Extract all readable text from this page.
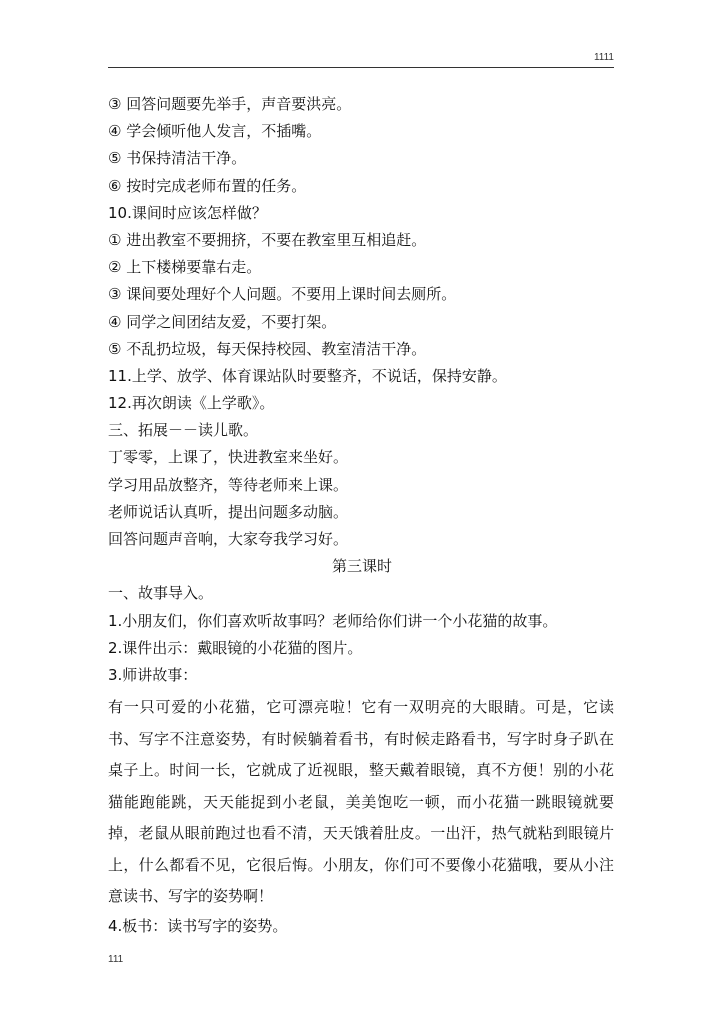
1111
③ 回答问题要先举手，声音要洪亮。
④ 学会倾听他人发言，不插嘴。
⑤ 书保持清洁干净。
⑥ 按时完成老师布置的任务。
10.课间时应该怎样做？
① 进出教室不要拥挤，不要在教室里互相追赶。
② 上下楼梯要靠右走。
③ 课间要处理好个人问题。不要用上课时间去厕所。
④ 同学之间团结友爱，不要打架。
⑤ 不乱扔垃圾，每天保持校园、教室清洁干净。
11.上学、放学、体育课站队时要整齐，不说话，保持安静。
12.再次朗读《上学歌》。
三、拓展－－读儿歌。
丁零零，上课了，快进教室来坐好。
学习用品放整齐，等待老师来上课。
老师说话认真听，提出问题多动脑。
回答问题声音响，大家夸我学习好。
第三课时
一、故事导入。
1.小朋友们，你们喜欢听故事吗？老师给你们讲一个小花猫的故事。
2.课件出示：戴眼镜的小花猫的图片。
3.师讲故事：
有一只可爱的小花猫，它可漂亮啦！它有一双明亮的大眼睛。可是，它读书、写字不注意姿势，有时候躺着看书，有时候走路看书，写字时身子趴在桌子上。时间一长，它就成了近视眼，整天戴着眼镜，真不方便！别的小花猫能跑能跳，天天能捉到小老鼠，美美饱吃一顿，而小花猫一跳眼镜就要掉，老鼠从眼前跑过也看不清，天天饿着肚皮。一出汗，热气就粘到眼镜片上，什么都看不见，它很后悔。小朋友，你们可不要像小花猫哦，要从小注意读书、写字的姿势啊！
4.板书：读书写字的姿势。
111
